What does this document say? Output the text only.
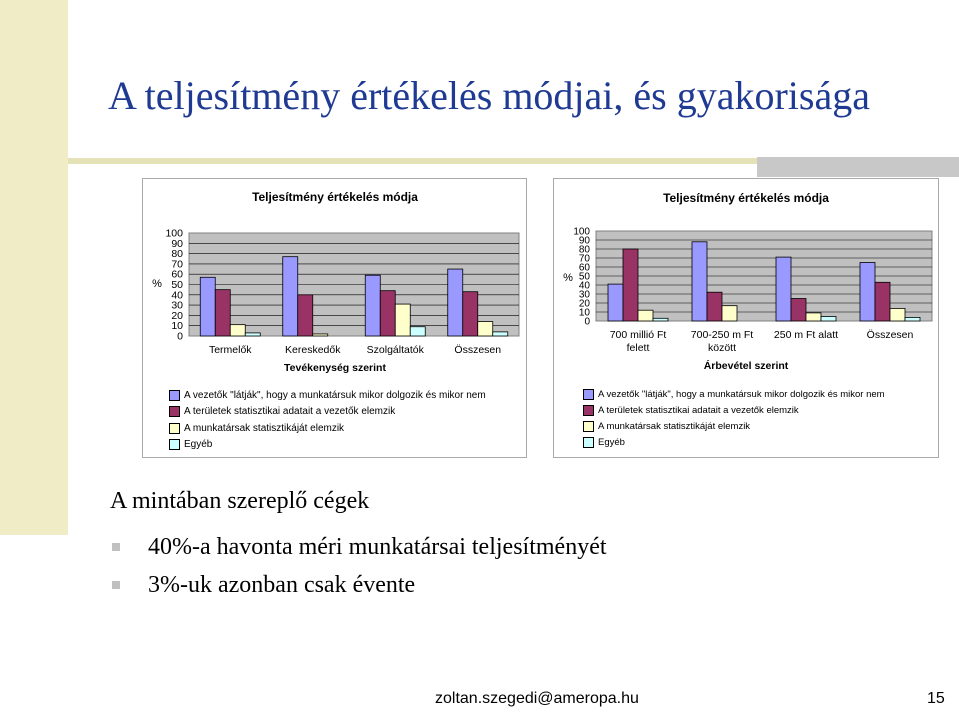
A teljesítmény értékelés módjai, és gyakorisága
100
90
80
70
60
50
40
30
20
10
0
%
Teljesítmény értékelés módja
Termelők	Kereskedők Szolgáltatók	Összesen
Tevékenység szerint
A vezetők "látják", hogy a munkatársuk mikor dolgozik és mikor nem
A területek statisztikai adatait a vezetők elemzik
A munkatársak statisztikáját elemzik
Egyéb
100
90
80
70
60
50
40
30
20
10
0
%
Teljesítmény értékelés módja
700 millió Ft
felett
700-250 m Ft
között
250 m Ft alatt	Összesen
Árbevétel szerint
A vezetők "látják", hogy a munkatársuk mikor dolgozik és mikor nem
A területek statisztikai adatait a vezetők elemzik
A munkatársak statisztikáját elemzik
Egyéb
A mintában szereplő cégek
40%-a havonta méri munkatársai teljesítményét
3%-uk azonban csak évente
zoltan.szegedi@ameropa.hu	15
